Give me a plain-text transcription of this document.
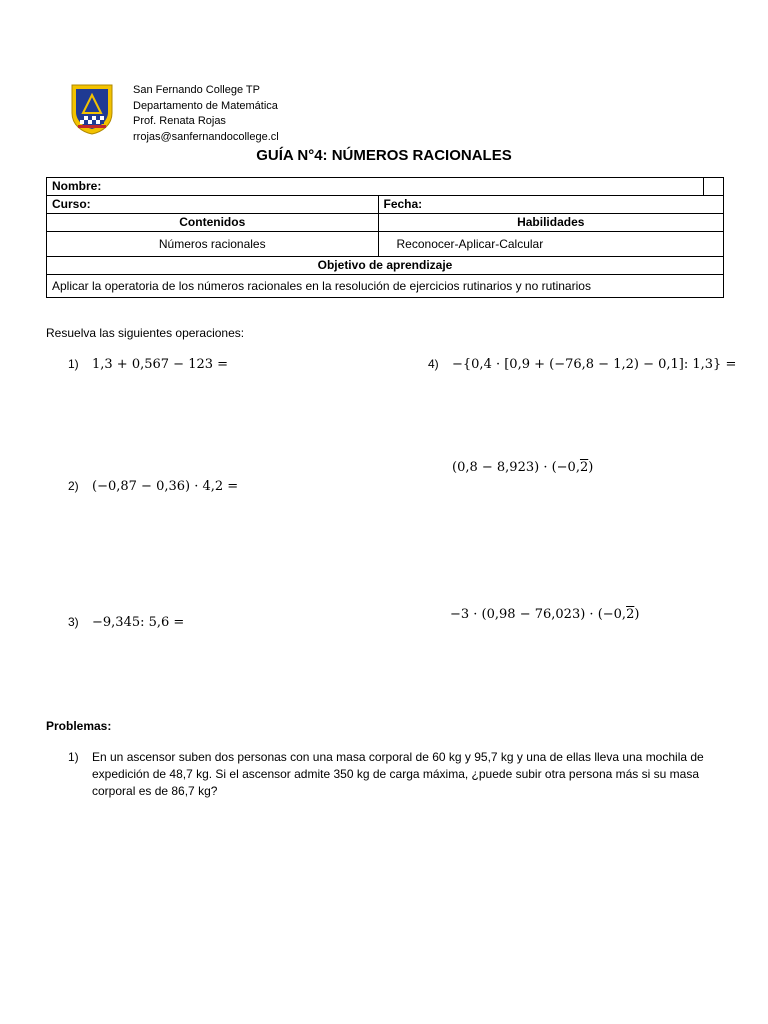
San Fernando College TP
Departamento de Matemática
Prof. Renata Rojas
rrojas@sanfernandocollege.cl
GUÍA N°4: NÚMEROS RACIONALES
Nombre:		
Curso:	Fecha:	
Contenidos	Habilidades	
Números racionales	Reconocer-Aplicar-Calcular	
Objetivo de aprendizaje		
Aplicar la operatoria de los números racionales en la resolución de ejercicios rutinarios y no rutinarios		
Resuelva las siguientes operaciones:
1) 1,3 + 0,567 − 123 =
2) (−0,87 − 0,36) · 4,2 =
3) −9,345: 5,6 =
4) −{0,4 · [0,9 + (−76,8 − 1,2) − 0,1]: 1,3} =
(0,8 − 8,923) · (−0,2)
−3 · (0,98 − 76,023) · (−0,2)
Problemas:
1) En un ascensor suben dos personas con una masa corporal de 60 kg y 95,7 kg y una de ellas lleva una mochila de expedición de 48,7 kg. Si el ascensor admite 350 kg de carga máxima, ¿puede subir otra persona más si su masa corporal es de 86,7 kg?
